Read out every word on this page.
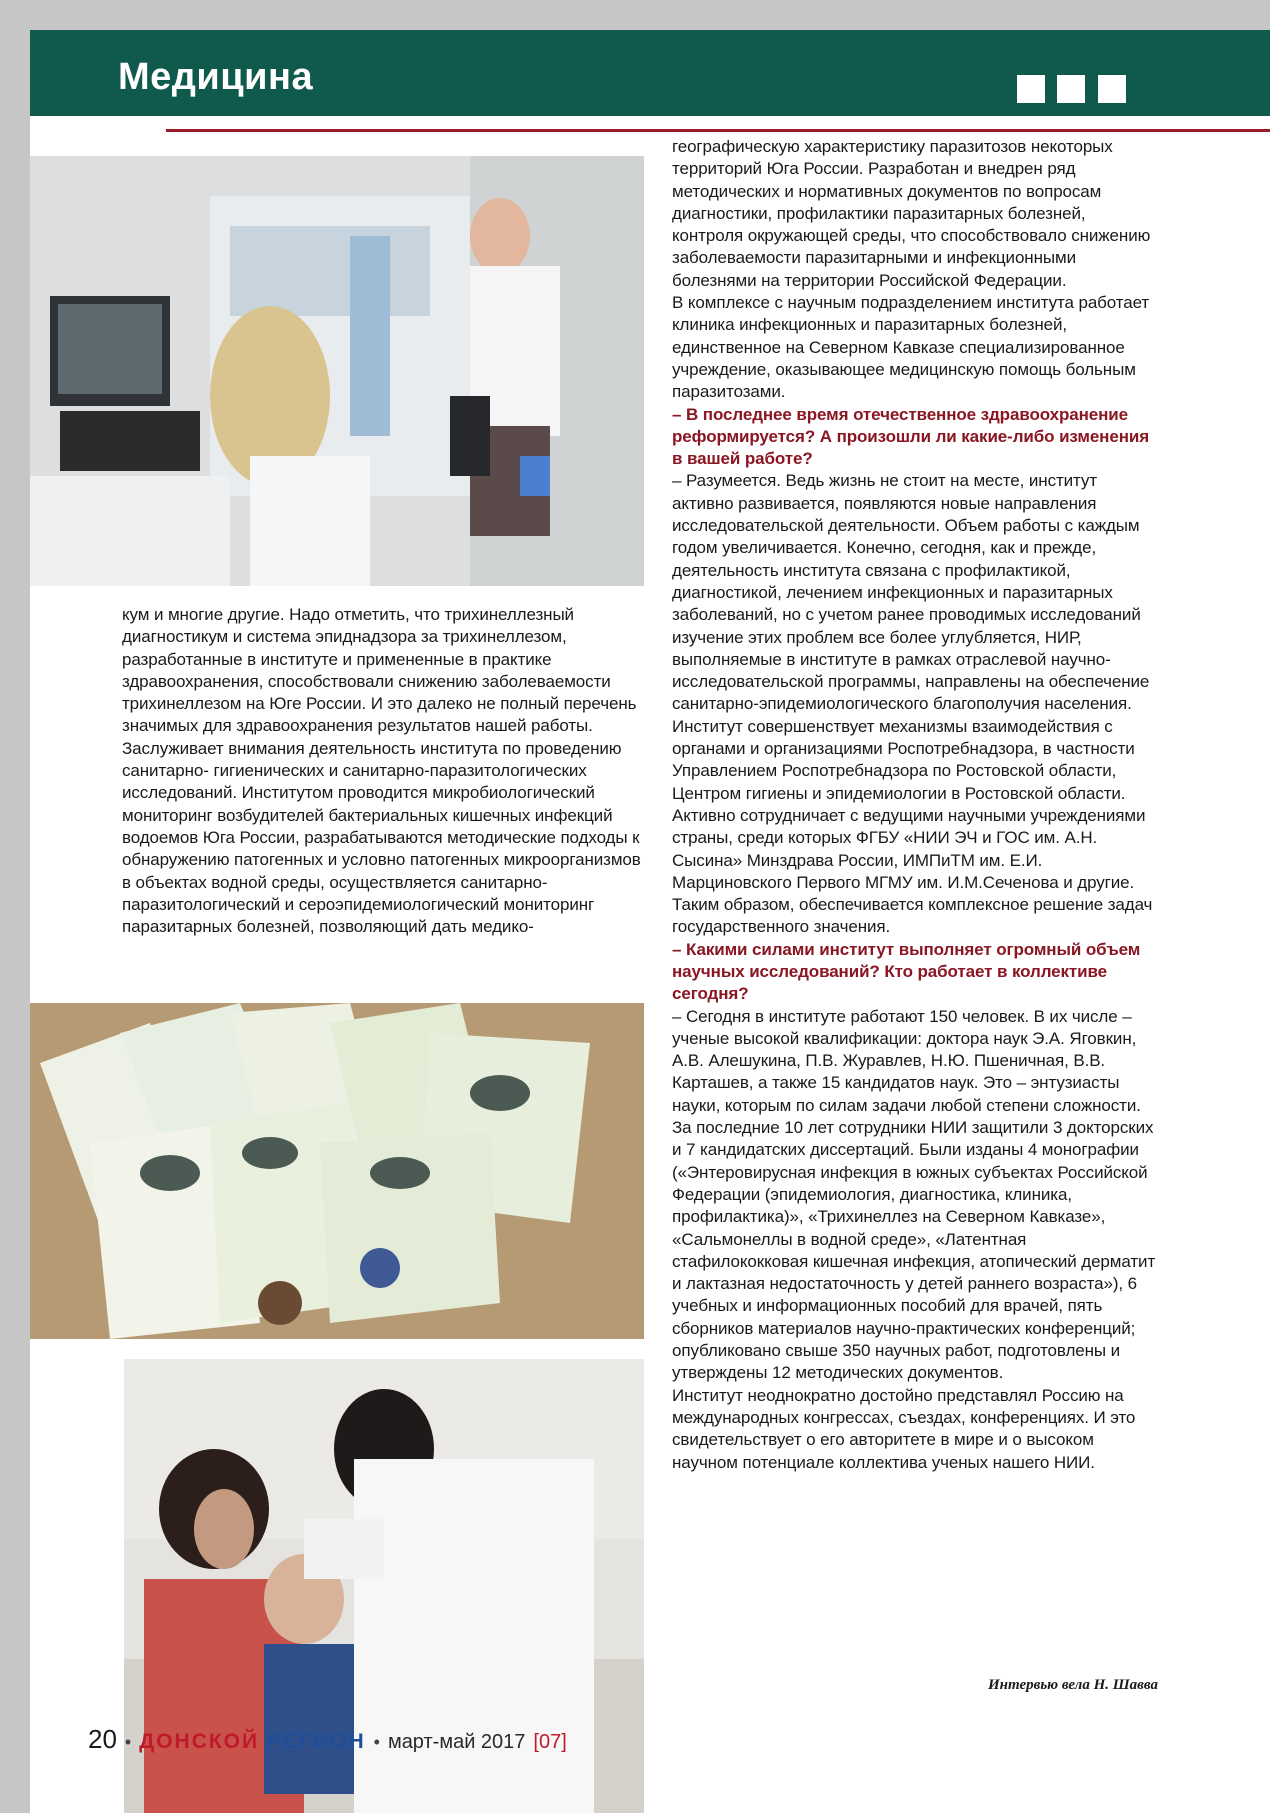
Медицина

кум и многие другие. Надо отметить, что трихинеллезный диагностикум и система эпиднадзора за трихинеллезом, разработанные в институте и примененные в практике здравоохранения, способствовали снижению заболеваемости трихинеллезом на Юге России. И это далеко не полный перечень значимых для здравоохранения результатов нашей работы.

Заслуживает внимания деятельность института по проведению санитарно- гигиенических и санитарно-паразитологических исследований. Институтом проводится микробиологический мониторинг возбудителей бактериальных кишечных инфекций водоемов Юга России, разрабатываются методические подходы к обнаружению патогенных и условно патогенных микроорганизмов в объектах водной среды, осуществляется санитарно-паразитологический и сероэпидемиологический мониторинг паразитарных болезней, позволяющий дать медико-

географическую характеристику паразитозов некоторых территорий Юга России. Разработан и внедрен ряд методических и нормативных документов по вопросам диагностики, профилактики паразитарных болезней, контроля окружающей среды, что способствовало снижению заболеваемости паразитарными и инфекционными болезнями на территории Российской Федерации.

В комплексе с научным подразделением института работает клиника инфекционных и паразитарных болезней, единственное на Северном Кавказе специализированное учреждение, оказывающее медицинскую помощь больным паразитозами.

– В последнее время отечественное здравоохранение реформируется? А произошли ли какие-либо изменения в вашей работе?

– Разумеется. Ведь жизнь не стоит на месте, институт активно развивается, появляются новые направления исследовательской деятельности. Объем работы с каждым годом увеличивается. Конечно, сегодня, как и прежде, деятельность института связана с профилактикой, диагностикой, лечением инфекционных и паразитарных заболеваний, но с учетом ранее проводимых исследований изучение этих проблем все более углубляется, НИР, выполняемые в институте в рамках отраслевой научно-исследовательской программы, направлены на обеспечение санитарно-эпидемиологического благополучия населения.

Институт совершенствует механизмы взаимодействия с органами и организациями Роспотребнадзора, в частности Управлением Роспотребнадзора по Ростовской области, Центром гигиены и эпидемиологии в Ростовской области. Активно сотрудничает с ведущими научными учреждениями страны, среди которых ФГБУ «НИИ ЭЧ и ГОС им. А.Н. Сысина» Минздрава России, ИМПиТМ им. Е.И. Марциновского Первого МГМУ им. И.М.Сеченова и другие. Таким образом, обеспечивается комплексное решение задач государственного значения.

– Какими силами институт выполняет огромный объем научных исследований? Кто работает в коллективе сегодня?

– Сегодня в институте работают 150 человек. В их числе – ученые высокой квалификации: доктора наук Э.А. Яговкин, А.В. Алешукина, П.В. Журавлев, Н.Ю. Пшеничная, В.В. Карташев, а также 15 кандидатов наук. Это – энтузиасты науки, которым по силам задачи любой степени сложности.

За последние 10 лет сотрудники НИИ защитили 3 докторских и 7 кандидатских диссертаций. Были изданы 4 монографии («Энтеровирусная инфекция в южных субъектах Российской Федерации (эпидемиология, диагностика, клиника, профилактика)», «Трихинеллез на Северном Кавказе», «Сальмонеллы в водной среде», «Латентная стафилококковая кишечная инфекция, атопический дерматит и лактазная недостаточность у детей раннего возраста»), 6 учебных и информационных пособий для врачей, пять сборников материалов научно-практических конференций; опубликовано свыше 350 научных работ, подготовлены и утверждены 12 методических документов.

Институт неоднократно достойно представлял Россию на международных конгрессах, съездах, конференциях. И это свидетельствует о его авторитете в мире и о высоком научном потенциале коллектива ученых нашего НИИ.

Интервью вела Н. Шавва
20 • ДОНСКОЙ РЕГИОН • март-май 2017 [07]
